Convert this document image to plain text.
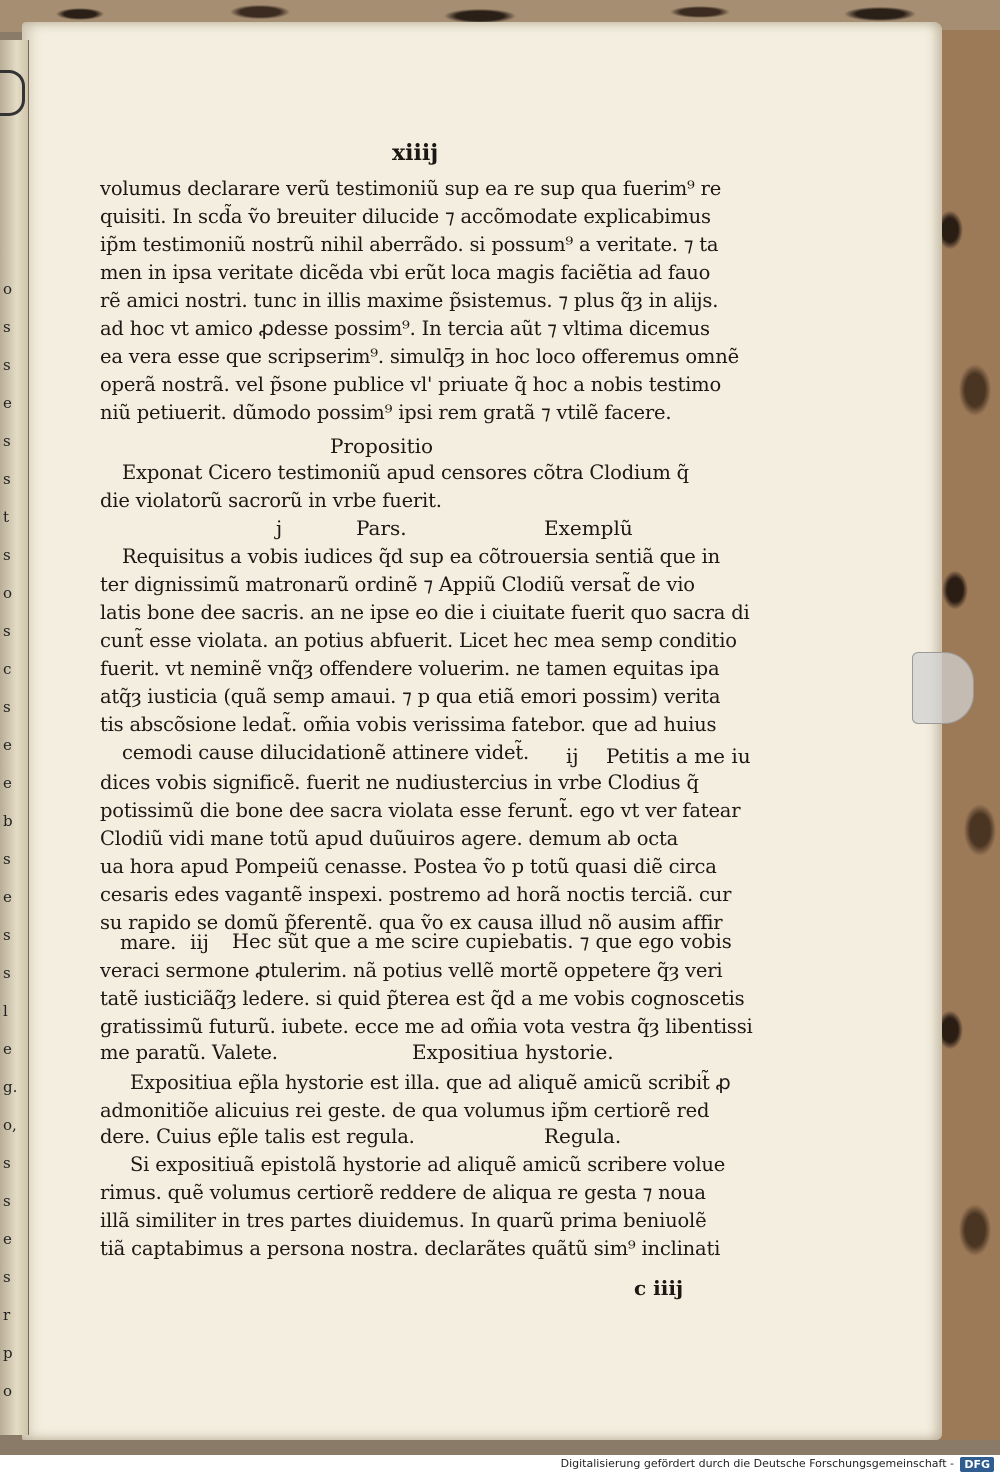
o
s
s
e
s
s
t
s
o
s
c
s
e
e
b
s
e
s
s
l
e
g.
o,
s
s
e
s
r
p
o
xiiij
volumus declarare verũ testimoniũ sup ea re sup qua fuerim⁹ re
quisiti. In scd̃a ṽo breuiter dilucide ⁊ accõmodate explicabimus
ip̃m testimoniũ nostrũ nihil aberrãdo. si possum⁹ a veritate. ⁊ ta
men in ipsa veritate dicẽda vbi erũt loca magis faciẽtia ad fauo
rẽ amici nostri. tunc in illis maxime p̃sistemus. ⁊ plus q̃ȝ in alijs.
ad hoc vt amico ꝓdesse possim⁹. In tercia aũt ⁊ vltima dicemus
ea vera esse que scripserim⁹. simulq̄ȝ in hoc loco offeremus omnẽ
operã nostrã. vel p̃sone publice vl' priuate q̃ hoc a nobis testimo
niũ petiuerit. dũmodo possim⁹ ipsi rem gratã ⁊ vtilẽ facere.
Exponat Cicero testimoniũ apud censores cõtra Clodium q̃
die violatorũ sacrorũ in vrbe fuerit.
Requisitus a vobis iudices q̃d sup ea cõtrouersia sentiã que in
ter dignissimũ matronarũ ordinẽ ⁊ Appiũ Clodiũ versat̃ de vio
latis bone dee sacris. an ne ipse eo die i ciuitate fuerit quo sacra di
cunt̃ esse violata. an potius abfuerit. Licet hec mea semp conditio
fuerit. vt neminẽ vnq̃ȝ offendere voluerim. ne tamen equitas ipa
atq̃ȝ iusticia (quã semp amaui. ⁊ p qua etiã emori possim) verita
tis abscõsione ledat̃. om̃ia vobis verissima fatebor. que ad huius
cemodi cause dilucidationẽ attinere videt̃.
dices vobis significẽ. fuerit ne nudiustercius in vrbe Clodius q̃
potissimũ die bone dee sacra violata esse ferunt̃. ego vt ver fatear
Clodiũ vidi mane totũ apud duũuiros agere. demum ab octa
ua hora apud Pompeiũ cenasse. Postea ṽo p totũ quasi diẽ circa
cesaris edes vagantẽ inspexi. postremo ad horã noctis terciã. cur
su rapido se domũ p̃ferentẽ. qua ṽo ex causa illud nõ ausim affir
mare.
veraci sermone ꝓtulerim. nã potius vellẽ mortẽ oppetere q̃ȝ veri
tatẽ iusticiãq̃ȝ ledere. si quid p̃terea est q̃d a me vobis cognoscetis
gratissimũ futurũ. iubete. ecce me ad om̃ia vota vestra q̃ȝ libentissi
me paratũ. Valete.
Expositiua ep̃la hystorie est illa. que ad aliquẽ amicũ scribit̃ ꝓ
admonitiõe alicuius rei geste. de qua volumus ip̃m certiorẽ red
dere. Cuius ep̃le talis est regula.
Si expositiuã epistolã hystorie ad aliquẽ amicũ scribere volue
rimus. quẽ volumus certiorẽ reddere de aliqua re gesta ⁊ noua
illã similiter in tres partes diuidemus. In quarũ prima beniuolẽ
tiã captabimus a persona nostra. declarãtes quãtũ sim⁹ inclinati
Propositio
j	Pars.	Exemplũ
ij Petitis a me iu
iij Hec sũt que a me scire cupiebatis. ⁊ que ego vobis
Expositiua hystorie.
Regula.
c iiij
Digitalisierung gefördert durch die Deutsche Forschungsgemeinschaft - DFG
